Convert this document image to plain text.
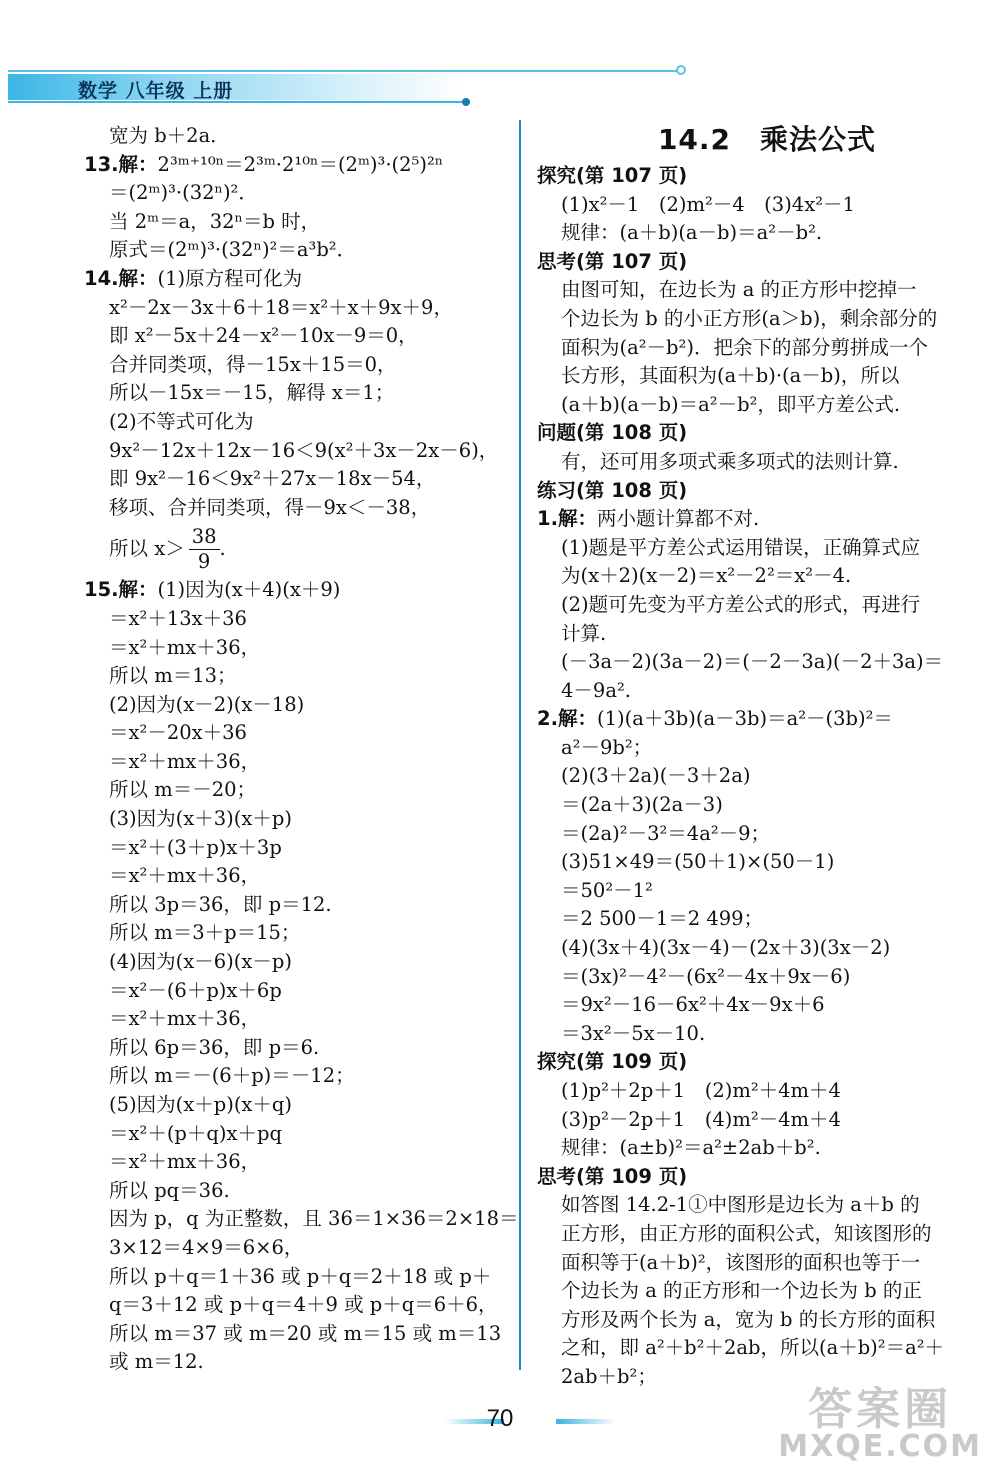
数学 八年级 上册
宽为 b＋2a．
13.解：2³ᵐ⁺¹⁰ⁿ＝2³ᵐ·2¹⁰ⁿ＝(2ᵐ)³·(2⁵)²ⁿ
＝(2ᵐ)³·(32ⁿ)²．
当 2ᵐ＝a，32ⁿ＝b 时，
原式＝(2ᵐ)³·(32ⁿ)²＝a³b²．
14.解：(1)原方程可化为
x²－2x－3x＋6＋18＝x²＋x＋9x＋9，
即 x²－5x＋24－x²－10x－9＝0，
合并同类项，得－15x＋15＝0，
所以－15x＝－15，解得 x＝1；
(2)不等式可化为
9x²－12x＋12x－16＜9(x²＋3x－2x－6)，
即 9x²－16＜9x²＋27x－18x－54，
移项、合并同类项，得－9x＜－38，
所以 $x> \frac{38}{9}$ .
15.解：(1)因为(x＋4)(x＋9)
＝x²＋13x＋36
＝x²＋mx＋36，
所以 m＝13；
(2)因为(x－2)(x－18)
＝x²－20x＋36
＝x²＋mx＋36，
所以 m＝－20；
(3)因为(x＋3)(x＋p)
＝x²＋(3＋p)x＋3p
＝x²＋mx＋36，
所以 3p＝36，即 p＝12.
所以 m＝3＋p＝15；
(4)因为(x－6)(x－p)
＝x²－(6＋p)x＋6p
＝x²＋mx＋36，
所以 6p＝36，即 p＝6.
所以 m＝－(6＋p)＝－12；
(5)因为(x＋p)(x＋q)
＝x²＋(p＋q)x＋pq
＝x²＋mx＋36，
所以 pq＝36.
因为 p，q 为正整数，且 36＝1×36＝2×18＝
3×12＝4×9＝6×6，
所以 p＋q＝1＋36 或 p＋q＝2＋18 或 p＋
q＝3＋12 或 p＋q＝4＋9 或 p＋q＝6＋6，
所以 m＝37 或 m＝20 或 m＝15 或 m＝13
或 m＝12.
14.2　乘法公式
探究(第 107 页)
(1)x²－1　(2)m²－4　(3)4x²－1
规律：(a＋b)(a－b)＝a²－b².
思考(第 107 页)
由图可知，在边长为 a 的正方形中挖掉一
个边长为 b 的小正方形(a＞b)，剩余部分的
面积为(a²－b²)．把余下的部分剪拼成一个
长方形，其面积为(a＋b)·(a－b)，所以
(a＋b)(a－b)＝a²－b²，即平方差公式.
问题(第 108 页)
有，还可用多项式乘多项式的法则计算.
练习(第 108 页)
1.解：两小题计算都不对.
(1)题是平方差公式运用错误，正确算式应
为(x＋2)(x－2)＝x²－2²＝x²－4.
(2)题可先变为平方差公式的形式，再进行
计算.
(－3a－2)(3a－2)＝(－2－3a)(－2＋3a)＝
4－9a².
2.解：(1)(a＋3b)(a－3b)＝a²－(3b)²＝
a²－9b²；
(2)(3＋2a)(－3＋2a)
＝(2a＋3)(2a－3)
＝(2a)²－3²＝4a²－9；
(3)51×49＝(50＋1)×(50－1)
＝50²－1²
＝2 500－1＝2 499；
(4)(3x＋4)(3x－4)－(2x＋3)(3x－2)
＝(3x)²－4²－(6x²－4x＋9x－6)
＝9x²－16－6x²＋4x－9x＋6
＝3x²－5x－10.
探究(第 109 页)
(1)p²＋2p＋1　(2)m²＋4m＋4
(3)p²－2p＋1　(4)m²－4m＋4
规律：(a±b)²＝a²±2ab＋b².
思考(第 109 页)
如答图 14.2-1①中图形是边长为 a＋b 的
正方形，由正方形的面积公式，知该图形的
面积等于(a＋b)²，该图形的面积也等于一
个边长为 a 的正方形和一个边长为 b 的正
方形及两个长为 a，宽为 b 的长方形的面积
之和，即 a²＋b²＋2ab，所以(a＋b)²＝a²＋
2ab＋b²；
70	答案圈
MXQE.COM
